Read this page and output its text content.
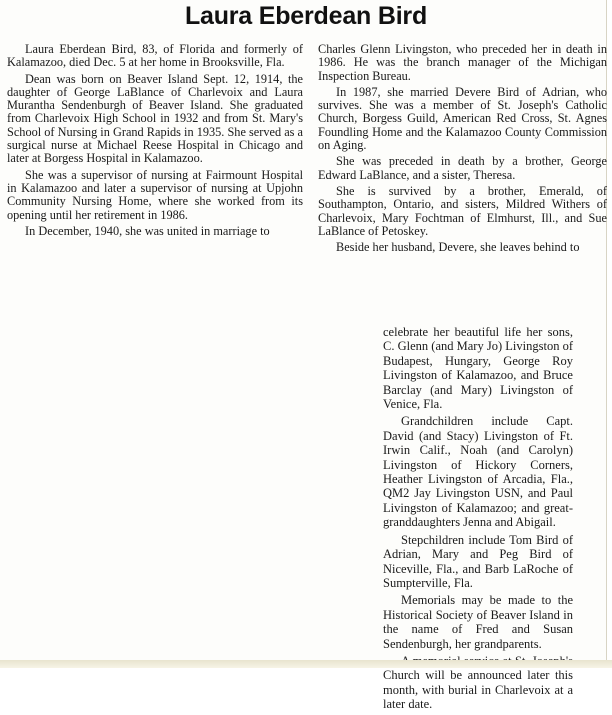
Laura Eberdean Bird

Laura Eberdean Bird, 83, of Florida and formerly of Kalamazoo, died Dec. 5 at her home in Brooksville, Fla.

Dean was born on Beaver Island Sept. 12, 1914, the daughter of George LaBlance of Charlevoix and Laura Murantha Sendenburgh of Beaver Island. She graduated from Charlevoix High School in 1932 and from St. Mary's School of Nursing in Grand Rapids in 1935. She served as a surgical nurse at Michael Reese Hospital in Chicago and later at Borgess Hospital in Kalamazoo.

She was a supervisor of nursing at Fairmount Hospital in Kalamazoo and later a supervisor of nursing at Upjohn Community Nursing Home, where she worked from its opening until her retirement in 1986.

In December, 1940, she was united in marriage to

Charles Glenn Livingston, who preceded her in death in 1986. He was the branch manager of the Michigan Inspection Bureau.

In 1987, she married Devere Bird of Adrian, who survives. She was a member of St. Joseph's Catholic Church, Borgess Guild, American Red Cross, St. Agnes Foundling Home and the Kalamazoo County Commission on Aging.

She was preceded in death by a brother, George Edward LaBlance, and a sister, Theresa.

She is survived by a brother, Emerald, of Southampton, Ontario, and sisters, Mildred Withers of Charlevoix, Mary Fochtman of Elmhurst, Ill., and Sue LaBlance of Petoskey.

Beside her husband, Devere, she leaves behind to

celebrate her beautiful life her sons, C. Glenn (and Mary Jo) Livingston of Budapest, Hungary, George Roy Livingston of Kalamazoo, and Bruce Barclay (and Mary) Livingston of Venice, Fla.

Grandchildren include Capt. David (and Stacy) Livingston of Ft. Irwin Calif., Noah (and Carolyn) Livingston of Hickory Corners, Heather Livingston of Arcadia, Fla., QM2 Jay Livingston USN, and Paul Livingston of Kalamazoo; and great-granddaughters Jenna and Abigail.

Stepchildren include Tom Bird of Adrian, Mary and Peg Bird of Niceville, Fla., and Barb LaRoche of Sumpterville, Fla.

Memorials may be made to the Historical Society of Beaver Island in the name of Fred and Susan Sendenburgh, her grandparents.

Church will be announced later this month, with burial in Charlevoix at a later date.
